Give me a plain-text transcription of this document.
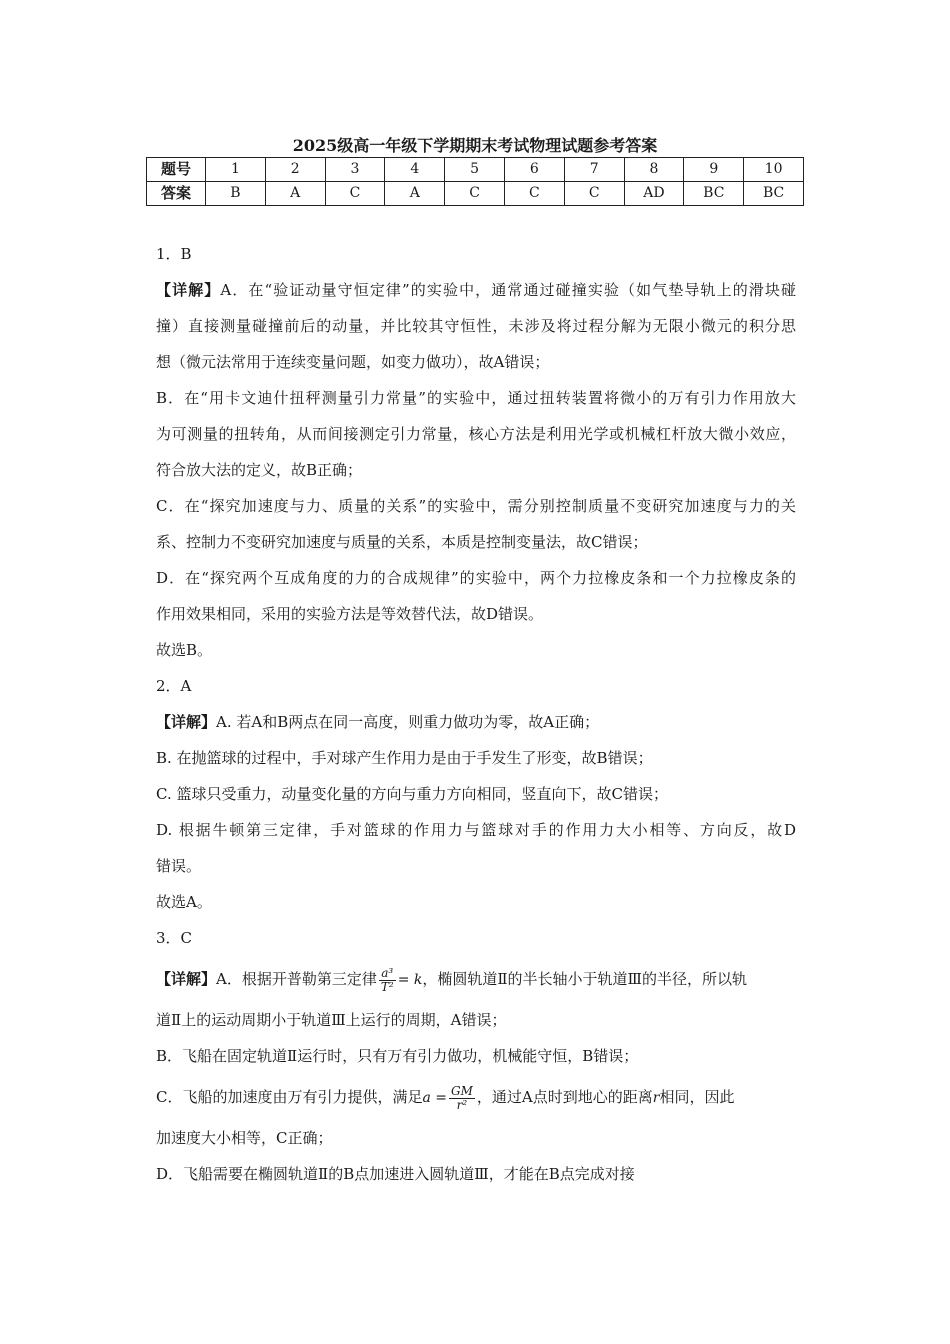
2025级高一年级下学期期末考试物理试题参考答案
题号	1	2	3	4	5	6	7	8	9	10
答案	B	A	C	A	C	C	C	AD	BC	BC
1．B
【详解】A．在“验证动量守恒定律”的实验中，通常通过碰撞实验（如气垫导轨上的滑块碰
撞）直接测量碰撞前后的动量，并比较其守恒性，未涉及将过程分解为无限小微元的积分思
想（微元法常用于连续变量问题，如变力做功），故A错误；
B．在“用卡文迪什扭秤测量引力常量”的实验中，通过扭转装置将微小的万有引力作用放大
为可测量的扭转角，从而间接测定引力常量，核心方法是利用光学或机械杠杆放大微小效应，
符合放大法的定义，故B正确；
C．在“探究加速度与力、质量的关系”的实验中，需分别控制质量不变研究加速度与力的关
系、控制力不变研究加速度与质量的关系，本质是控制变量法，故C错误；
D．在“探究两个互成角度的力的合成规律”的实验中，两个力拉橡皮条和一个力拉橡皮条的
作用效果相同，采用的实验方法是等效替代法，故D错误。
故选B。
2．A
【详解】A. 若A和B两点在同一高度，则重力做功为零，故A正确；
B. 在抛篮球的过程中，手对球产生作用力是由于手发生了形变，故B错误；
C. 篮球只受重力，动量变化量的方向与重力方向相同，竖直向下，故C错误；
D. 根据牛顿第三定律，手对篮球的作用力与篮球对手的作用力大小相等、方向反，故D
错误。
故选A。
3．C
【详解】A．根据开普勒第三定律 $\frac{\text{a³}}{\text{T²}} = k$，椭圆轨道Ⅱ的半长轴小于轨道Ⅲ的半径，所以轨
道Ⅱ上的运动周期小于轨道Ⅲ上运行的周期，A错误；
B．飞船在固定轨道Ⅱ运行时，只有万有引力做功，机械能守恒，B错误；
C．飞船的加速度由万有引力提供，满足$a = \frac{GM}{\text{r²}}$ ，通过A点时到地心的距离r相同，因此
加速度大小相等，C正确；
D．飞船需要在椭圆轨道Ⅱ的B点加速进入圆轨道Ⅲ，才能在B点完成对接
